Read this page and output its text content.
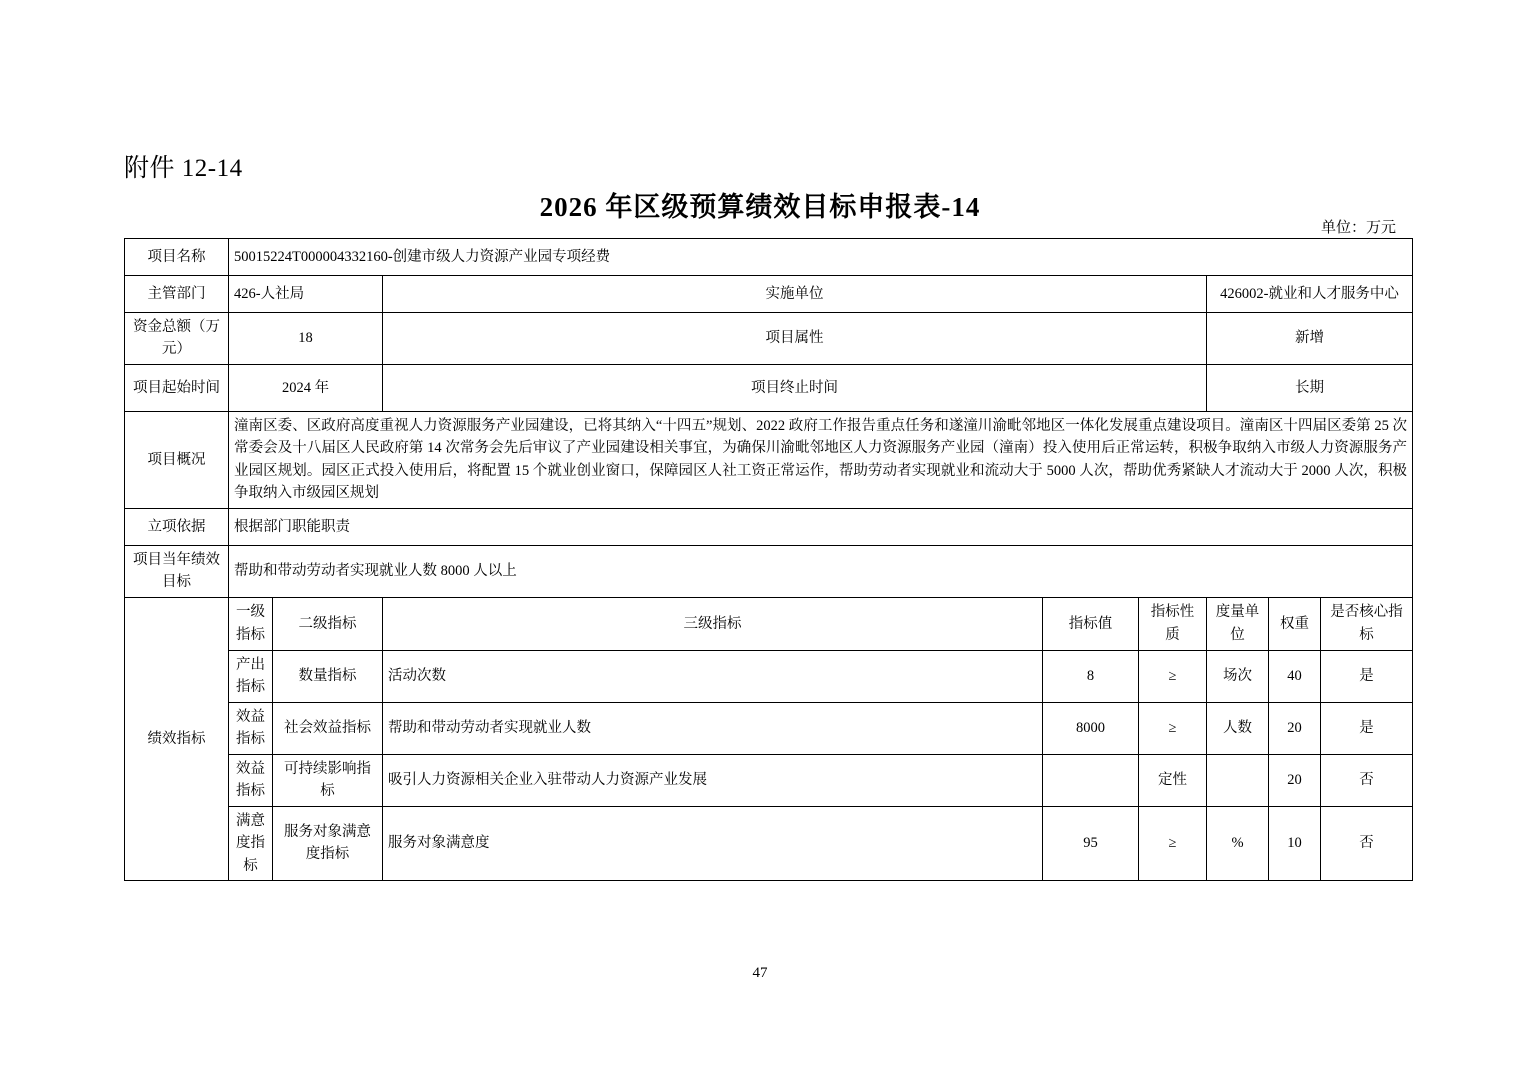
附件 12-14
2026 年区级预算绩效目标申报表-14
单位：万元
项目名称	50015224T000004332160-创建市级人力资源产业园专项经费							
主管部门	426-人社局		实施单位			426002-就业和人才服务中心		
资金总额（万元）	18		项目属性			新增		
项目起始时间	2024 年		项目终止时间			长期		
项目概况	潼南区委、区政府高度重视人力资源服务产业园建设，已将其纳入“十四五”规划、2022 政府工作报告重点任务和遂潼川渝毗邻地区一体化发展重点建设项目。潼南区十四届区委第 25 次常委会及十八届区人民政府第 14 次常务会先后审议了产业园建设相关事宜，为确保川渝毗邻地区人力资源服务产业园（潼南）投入使用后正常运转，积极争取纳入市级人力资源服务产业园区规划。园区正式投入使用后，将配置 15 个就业创业窗口，保障园区人社工资正常运作，帮助劳动者实现就业和流动大于 5000 人次，帮助优秀紧缺人才流动大于 2000 人次，积极争取纳入市级园区规划							
立项依据	根据部门职能职责							
项目当年绩效目标	帮助和带动劳动者实现就业人数 8000 人以上							
绩效指标	一级指标	二级指标	三级指标	指标值	指标性质	度量单位	权重	是否核心指标
	产出指标	数量指标	活动次数	8	≥	场次	40	是
	效益指标	社会效益指标	帮助和带动劳动者实现就业人数	8000	≥	人数	20	是
	效益指标	可持续影响指标	吸引人力资源相关企业入驻带动人力资源产业发展		定性		20	否
	满意度指标	服务对象满意度指标	服务对象满意度	95	≥	%	10	否
47
